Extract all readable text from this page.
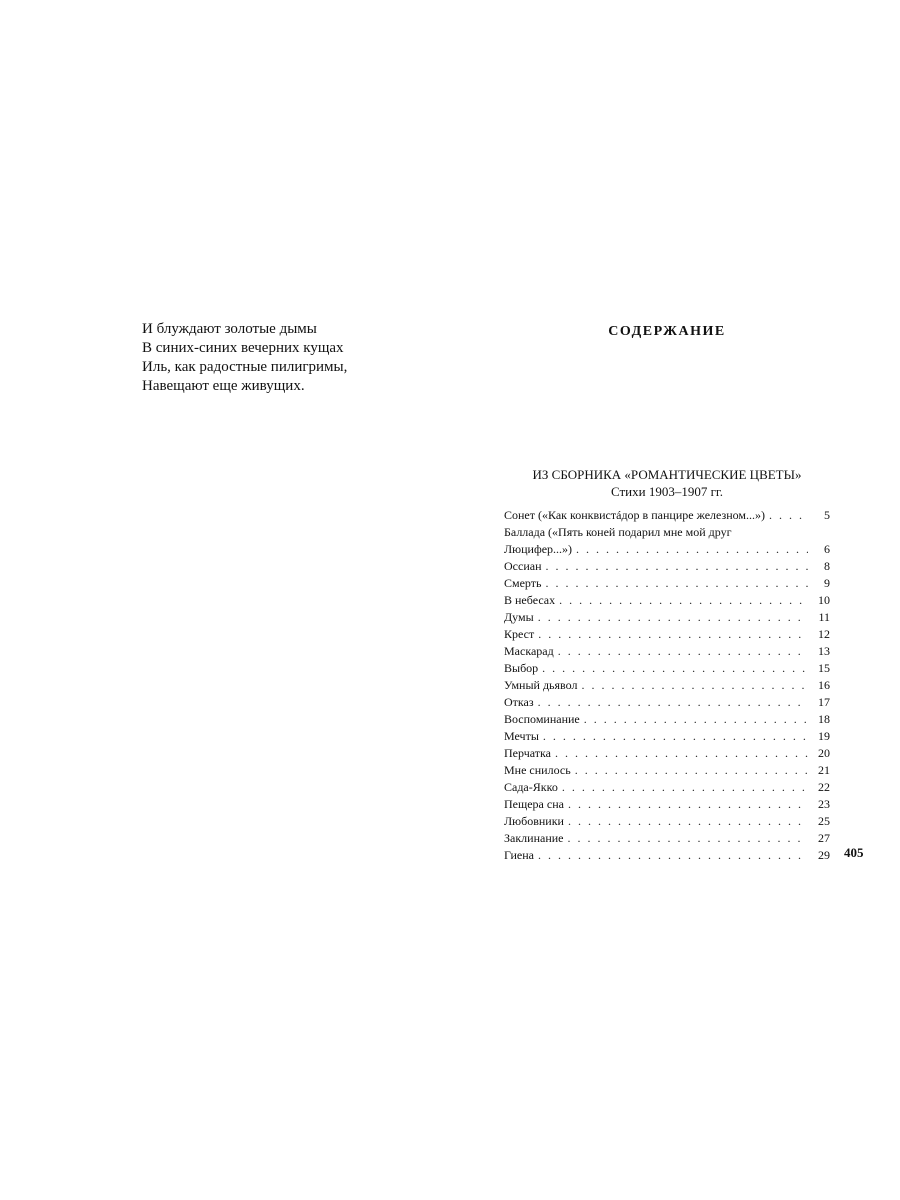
И блуждают золотые дымы
В синих-синих вечерних кущах
Иль, как радостные пилигримы,
Навещают еще живущих.
СОДЕРЖАНИЕ
ИЗ СБОРНИКА «РОМАНТИЧЕСКИЕ ЦВЕТЫ»
Стихи 1903–1907 гг.
Сонет («Как конквистáдор в панцире железном...») . . .	5
Баллада («Пять коней подарил мне мой друг
Люцифер...») . . .	6
Оссиан . . .	8
Смерть . . .	9
В небесах . . .	10
Думы . . .	11
Крест . . .	12
Маскарад . . .	13
Выбор . . .	15
Умный дьявол . . .	16
Отказ . . .	17
Воспоминание . . .	18
Мечты . . .	19
Перчатка . . .	20
Мне снилось . . .	21
Сада-Якко . . .	22
Пещера сна . . .	23
Любовники . . .	25
Заклинание . . .	27
Гиена . . .	29 405
